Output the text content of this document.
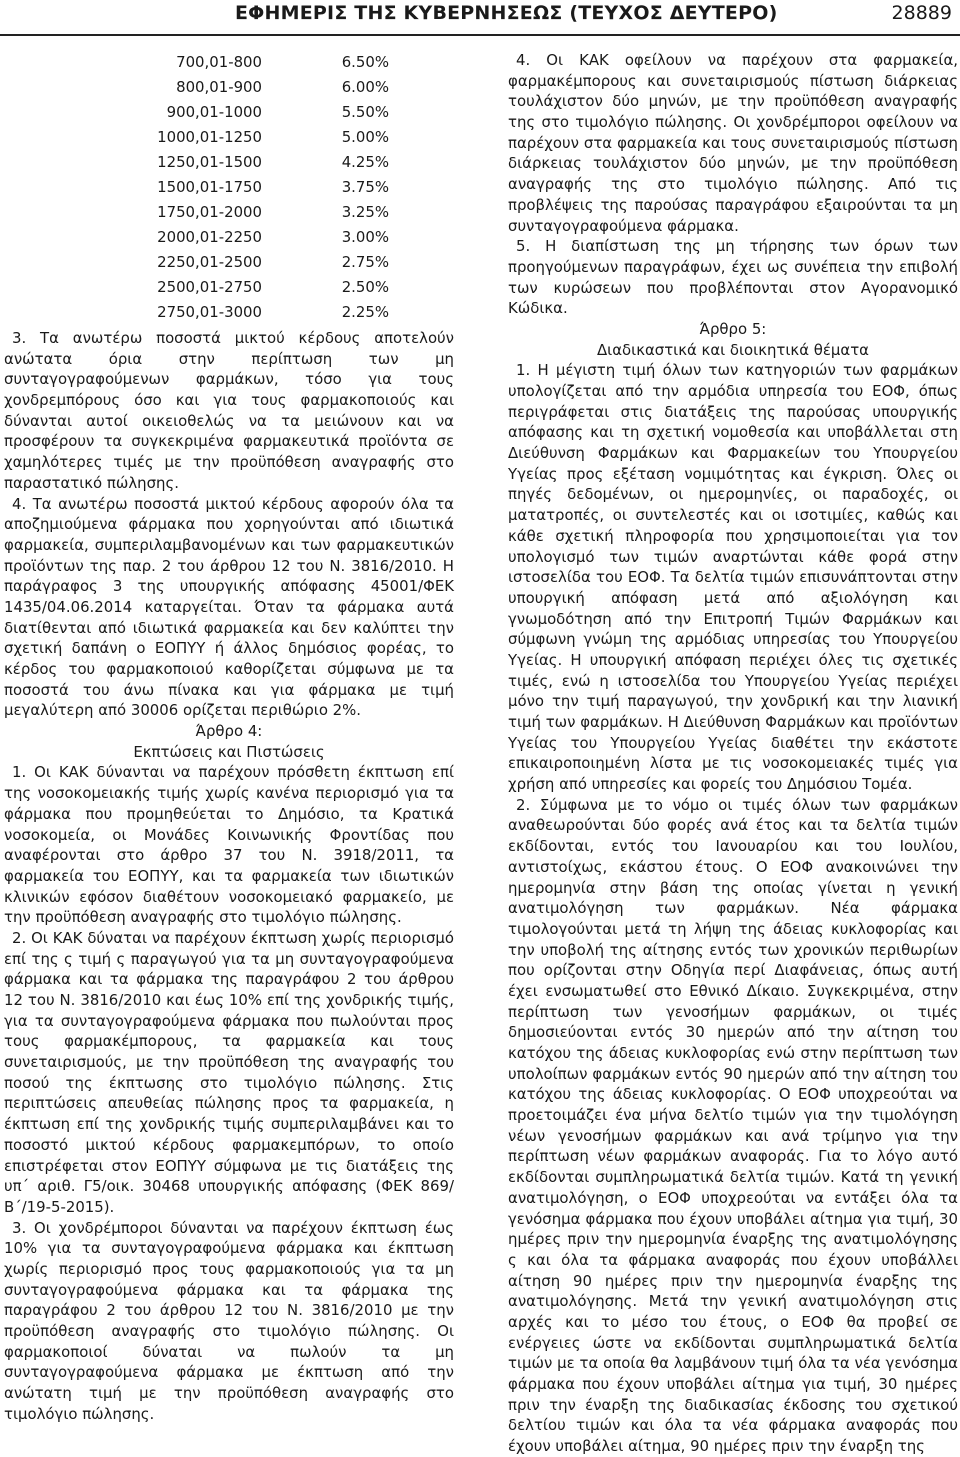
ΕΦΗΜΕΡΙΣ ΤΗΣ ΚΥΒΕΡΝΗΣΕΩΣ (ΤΕΥΧΟΣ ΔΕΥΤΕΡΟ)	28889
700,01-800	6.50%
800,01-900	6.00%
900,01-1000	5.50%
1000,01-1250	5.00%
1250,01-1500	4.25%
1500,01-1750	3.75%
1750,01-2000	3.25%
2000,01-2250	3.00%
2250,01-2500	2.75%
2500,01-2750	2.50%
2750,01-3000	2.25%

3. Τα ανωτέρω ποσοστά μικτού κέρδους αποτελούν ανώτατα όρια στην περίπτωση των μη συνταγογραφούμενων φαρμάκων, τόσο για τους χονδρεμπόρους όσο και για τους φαρμακοποιούς και δύνανται αυτοί οικειοθελώς να τα μειώνουν και να προσφέρουν τα συγκεκριμένα φαρμακευτικά προϊόντα σε χαμηλότερες τιμές με την προϋπόθεση αναγραφής στο παραστατικό πώλησης.

4. Τα ανωτέρω ποσοστά μικτού κέρδους αφορούν όλα τα αποζημιούμενα φάρμακα που χορηγούνται από ιδιωτικά φαρμακεία, συμπεριλαμβανομένων και των φαρμακευτικών προϊόντων της παρ. 2 του άρθρου 12 του Ν. 3816/2010. Η παράγραφος 3 της υπουργικής απόφασης 45001/ΦΕΚ 1435/04.06.2014 καταργείται. Όταν τα φάρμακα αυτά διατίθενται από ιδιωτικά φαρμακεία και δεν καλύπτει την σχετική δαπάνη ο ΕΟΠΥΥ ή άλλος δημόσιος φορέας, το κέρδος του φαρμακοποιού καθορίζεται σύμφωνα με τα ποσοστά του άνω πίνακα και για φάρμακα με τιμή μεγαλύτερη από 30006 ορίζεται περιθώριο 2%.

Άρθρο 4:

Εκπτώσεις και Πιστώσεις

1. Οι ΚΑΚ δύνανται να παρέχουν πρόσθετη έκπτωση επί της νοσοκομειακής τιμής χωρίς κανένα περιορισμό για τα φάρμακα που προμηθεύεται το Δημόσιο, τα Κρατικά νοσοκομεία, οι Μονάδες Κοινωνικής Φροντίδας που αναφέρονται στο άρθρο 37 του Ν. 3918/2011, τα φαρμακεία του ΕΟΠΥΥ, και τα φαρμακεία των ιδιωτικών κλινικών εφόσον διαθέτουν νοσοκομειακό φαρμακείο, με την προϋπόθεση αναγραφής στο τιμολόγιο πώλησης.

2. Οι ΚΑΚ δύναται να παρέχουν έκπτωση χωρίς περιορισμό επί της ς τιμή ς παραγωγού για τα μη συνταγογραφούμενα φάρμακα και τα φάρμακα της παραγράφου 2 του άρθρου 12 του Ν. 3816/2010 και έως 10% επί της χονδρικής τιμής, για τα συνταγογραφούμενα φάρμακα που πωλούνται προς τους φαρμακέμπορους, τα φαρμακεία και τους συνεταιρισμούς, με την προϋπόθεση της αναγραφής του ποσού της έκπτωσης στο τιμολόγιο πώλησης. Στις περιπτώσεις απευθείας πώλησης προς τα φαρμακεία, η έκπτωση επί της χονδρικής τιμής συμπεριλαμβάνει και το ποσοστό μικτού κέρδους φαρμακεμπόρων, το οποίο επιστρέφεται στον ΕΟΠΥΥ σύμφωνα με τις διατάξεις της υπ΄ αριθ. Γ5/οικ. 30468 υπουργικής απόφασης (ΦΕΚ 869/Β΄/19-5-2015).

3. Οι χονδρέμποροι δύνανται να παρέχουν έκπτωση έως 10% για τα συνταγογραφούμενα φάρμακα και έκπτωση χωρίς περιορισμό προς τους φαρμακοποιούς για τα μη συνταγογραφούμενα φάρμακα και τα φάρμακα της παραγράφου 2 του άρθρου 12 του Ν. 3816/2010 με την προϋπόθεση αναγραφής στο τιμολόγιο πώλησης. Οι φαρμακοποιοί δύναται να πωλούν τα μη συνταγογραφούμενα φάρμακα με έκπτωση από την ανώτατη τιμή με την προϋπόθεση αναγραφής στο τιμολόγιο πώλησης.

4. Οι ΚΑΚ οφείλουν να παρέχουν στα φαρμακεία, φαρμακέμπορους και συνεταιρισμούς πίστωση διάρκειας τουλάχιστον δύο μηνών, με την προϋπόθεση αναγραφής της στο τιμολόγιο πώλησης. Οι χονδρέμποροι οφείλουν να παρέχουν στα φαρμακεία και τους συνεταιρισμούς πίστωση διάρκειας τουλάχιστον δύο μηνών, με την προϋπόθεση αναγραφής της στο τιμολόγιο πώλησης. Από τις προβλέψεις της παρούσας παραγράφου εξαιρούνται τα μη συνταγογραφούμενα φάρμακα.

5. Η διαπίστωση της μη τήρησης των όρων των προηγούμενων παραγράφων, έχει ως συνέπεια την επιβολή των κυρώσεων που προβλέπονται στον Αγορανομικό Κώδικα.

Άρθρο 5:

Διαδικαστικά και διοικητικά θέματα

1. Η μέγιστη τιμή όλων των κατηγοριών των φαρμάκων υπολογίζεται από την αρμόδια υπηρεσία του ΕΟΦ, όπως περιγράφεται στις διατάξεις της παρούσας υπουργικής απόφασης και τη σχετική νομοθεσία και υποβάλλεται στη Διεύθυνση Φαρμάκων και Φαρμακείων του Υπουργείου Υγείας προς εξέταση νομιμότητας και έγκριση. Όλες οι πηγές δεδομένων, οι ημερομηνίες, οι παραδοχές, οι ματατροπές, οι συντελεστές και οι ισοτιμίες, καθώς και κάθε σχετική πληροφορία που χρησιμοποιείται για τον υπολογισμό των τιμών αναρτώνται κάθε φορά στην ιστοσελίδα του ΕΟΦ. Τα δελτία τιμών επισυνάπτονται στην υπουργική απόφαση μετά από αξιολόγηση και γνωμοδότηση από την Επιτροπή Τιμών Φαρμάκων και σύμφωνη γνώμη της αρμόδιας υπηρεσίας του Υπουργείου Υγείας. Η υπουργική απόφαση περιέχει όλες τις σχετικές τιμές, ενώ η ιστοσελίδα του Υπουργείου Υγείας περιέχει μόνο την τιμή παραγωγού, την χονδρική και την λιανική τιμή των φαρμάκων. Η Διεύθυνση Φαρμάκων και προϊόντων Υγείας του Υπουργείου Υγείας διαθέτει την εκάστοτε επικαιροποιημένη λίστα με τις νοσοκομειακές τιμές για χρήση από υπηρεσίες και φορείς του Δημόσιου Τομέα.

2. Σύμφωνα με το νόμο οι τιμές όλων των φαρμάκων αναθεωρούνται δύο φορές ανά έτος και τα δελτία τιμών εκδίδονται, εντός του Ιανουαρίου και του Ιουλίου, αντιστοίχως, εκάστου έτους. Ο ΕΟΦ ανακοινώνει την ημερομηνία στην βάση της οποίας γίνεται η γενική ανατιμολόγηση των φαρμάκων. Νέα φάρμακα τιμολογούνται μετά τη λήψη της άδειας κυκλοφορίας και την υποβολή της αίτησης εντός των χρονικών περιθωρίων που ορίζονται στην Οδηγία περί Διαφάνειας, όπως αυτή έχει ενσωματωθεί στο Εθνικό Δίκαιο. Συγκεκριμένα, στην περίπτωση των γενοσήμων φαρμάκων, οι τιμές δημοσιεύονται εντός 30 ημερών από την αίτηση του κατόχου της άδειας κυκλοφορίας ενώ στην περίπτωση των υπολοίπων φαρμάκων εντός 90 ημερών από την αίτηση του κατόχου της άδειας κυκλοφορίας. Ο ΕΟΦ υποχρεούται να προετοιμάζει ένα μήνα δελτίο τιμών για την τιμολόγηση νέων γενοσήμων φαρμάκων και ανά τρίμηνο για την περίπτωση νέων φαρμάκων αναφοράς. Για το λόγο αυτό εκδίδονται συμπληρωματικά δελτία τιμών. Κατά τη γενική ανατιμολόγηση, ο ΕΟΦ υποχρεούται να εντάξει όλα τα γενόσημα φάρμακα που έχουν υποβάλει αίτημα για τιμή, 30 ημέρες πριν την ημερομηνία έναρξης της ανατιμολόγησης ς και όλα τα φάρμακα αναφοράς που έχουν υποβάλλει αίτηση 90 ημέρες πριν την ημερομηνία έναρξης της ανατιμολόγησης. Μετά την γενική ανατιμολόγηση στις αρχές και το μέσο του έτους, ο ΕΟΦ θα προβεί σε ενέργειες ώστε να εκδίδονται συμπληρωματικά δελτία τιμών με τα οποία θα λαμβάνουν τιμή όλα τα νέα γενόσημα φάρμακα που έχουν υποβάλει αίτημα για τιμή, 30 ημέρες πριν την έναρξη της διαδικασίας έκδοσης του σχετικού δελτίου τιμών και όλα τα νέα φάρμακα αναφοράς που έχουν υποβάλει αίτημα, 90 ημέρες πριν την έναρξη της
